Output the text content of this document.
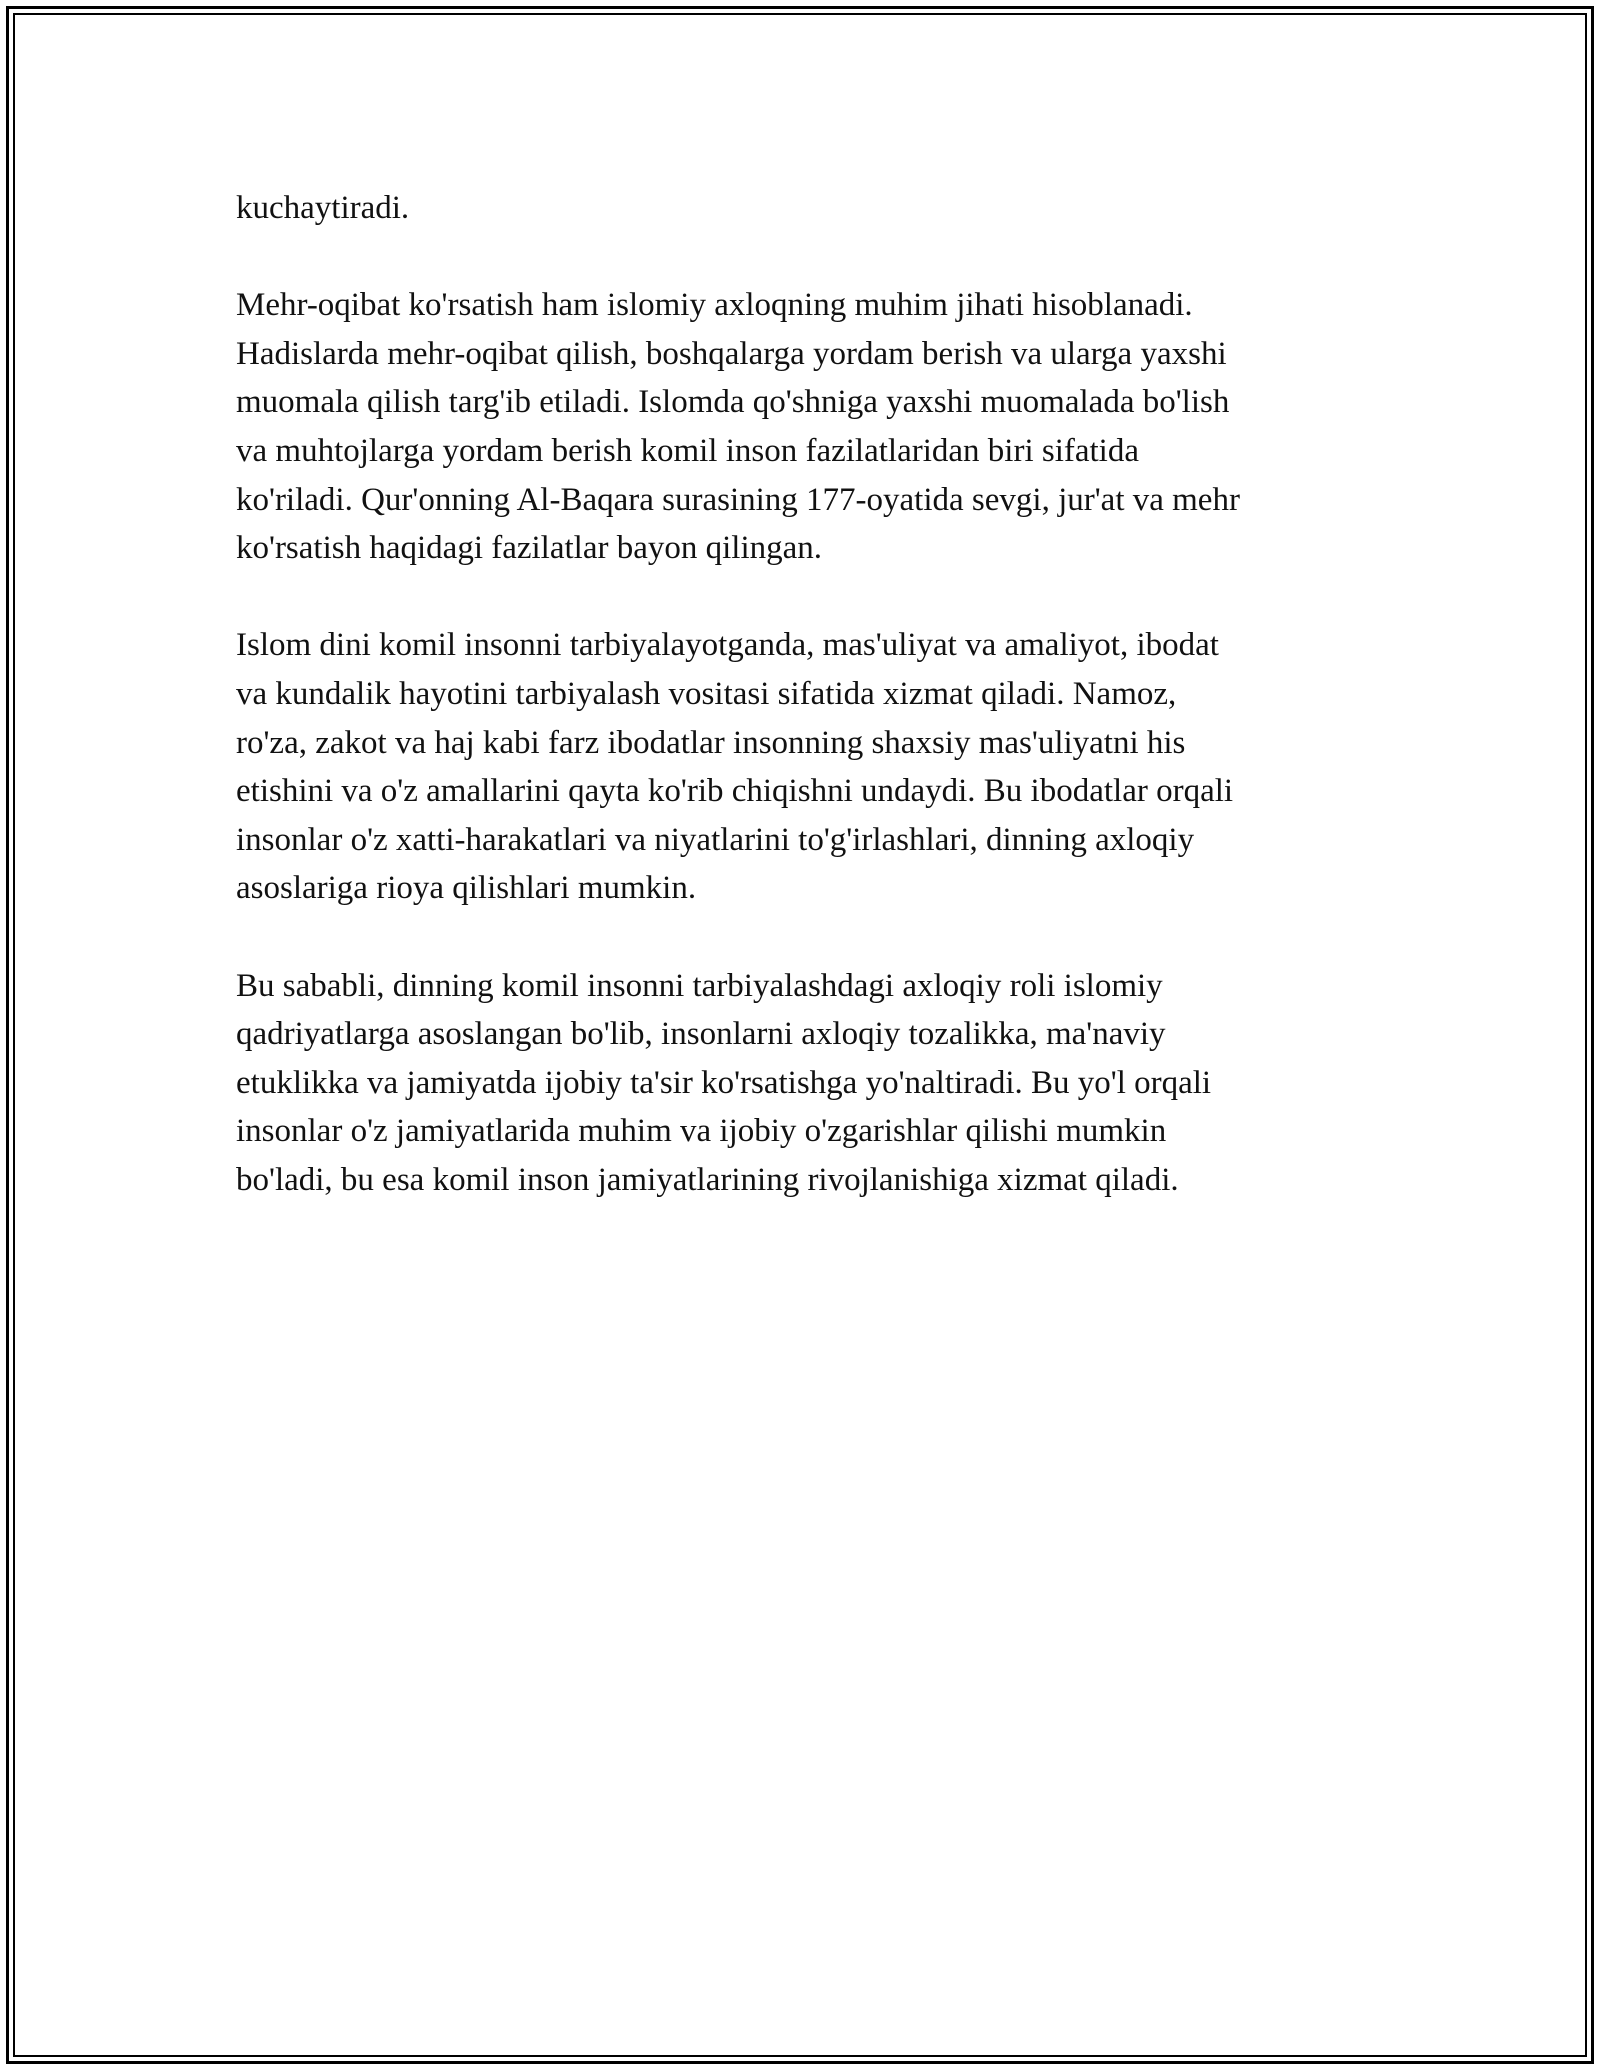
kuchaytiradi.
Mehr-oqibat ko'rsatish ham islomiy axloqning muhim jihati hisoblanadi.
Hadislarda mehr-oqibat qilish, boshqalarga yordam berish va ularga yaxshi
muomala qilish targ'ib etiladi. Islomda qo'shniga yaxshi muomalada bo'lish
va muhtojlarga yordam berish komil inson fazilatlaridan biri sifatida
ko'riladi. Qur'onning Al-Baqara surasining 177-oyatida sevgi, jur'at va mehr
ko'rsatish haqidagi fazilatlar bayon qilingan.
Islom dini komil insonni tarbiyalayotganda, mas'uliyat va amaliyot, ibodat
va kundalik hayotini tarbiyalash vositasi sifatida xizmat qiladi. Namoz,
ro'za, zakot va haj kabi farz ibodatlar insonning shaxsiy mas'uliyatni his
etishini va o'z amallarini qayta ko'rib chiqishni undaydi. Bu ibodatlar orqali
insonlar o'z xatti-harakatlari va niyatlarini to'g'irlashlari, dinning axloqiy
asoslariga rioya qilishlari mumkin.
Bu sababli, dinning komil insonni tarbiyalashdagi axloqiy roli islomiy
qadriyatlarga asoslangan bo'lib, insonlarni axloqiy tozalikka, ma'naviy
etuklikka va jamiyatda ijobiy ta'sir ko'rsatishga yo'naltiradi. Bu yo'l orqali
insonlar o'z jamiyatlarida muhim va ijobiy o'zgarishlar qilishi mumkin
bo'ladi, bu esa komil inson jamiyatlarining rivojlanishiga xizmat qiladi.
